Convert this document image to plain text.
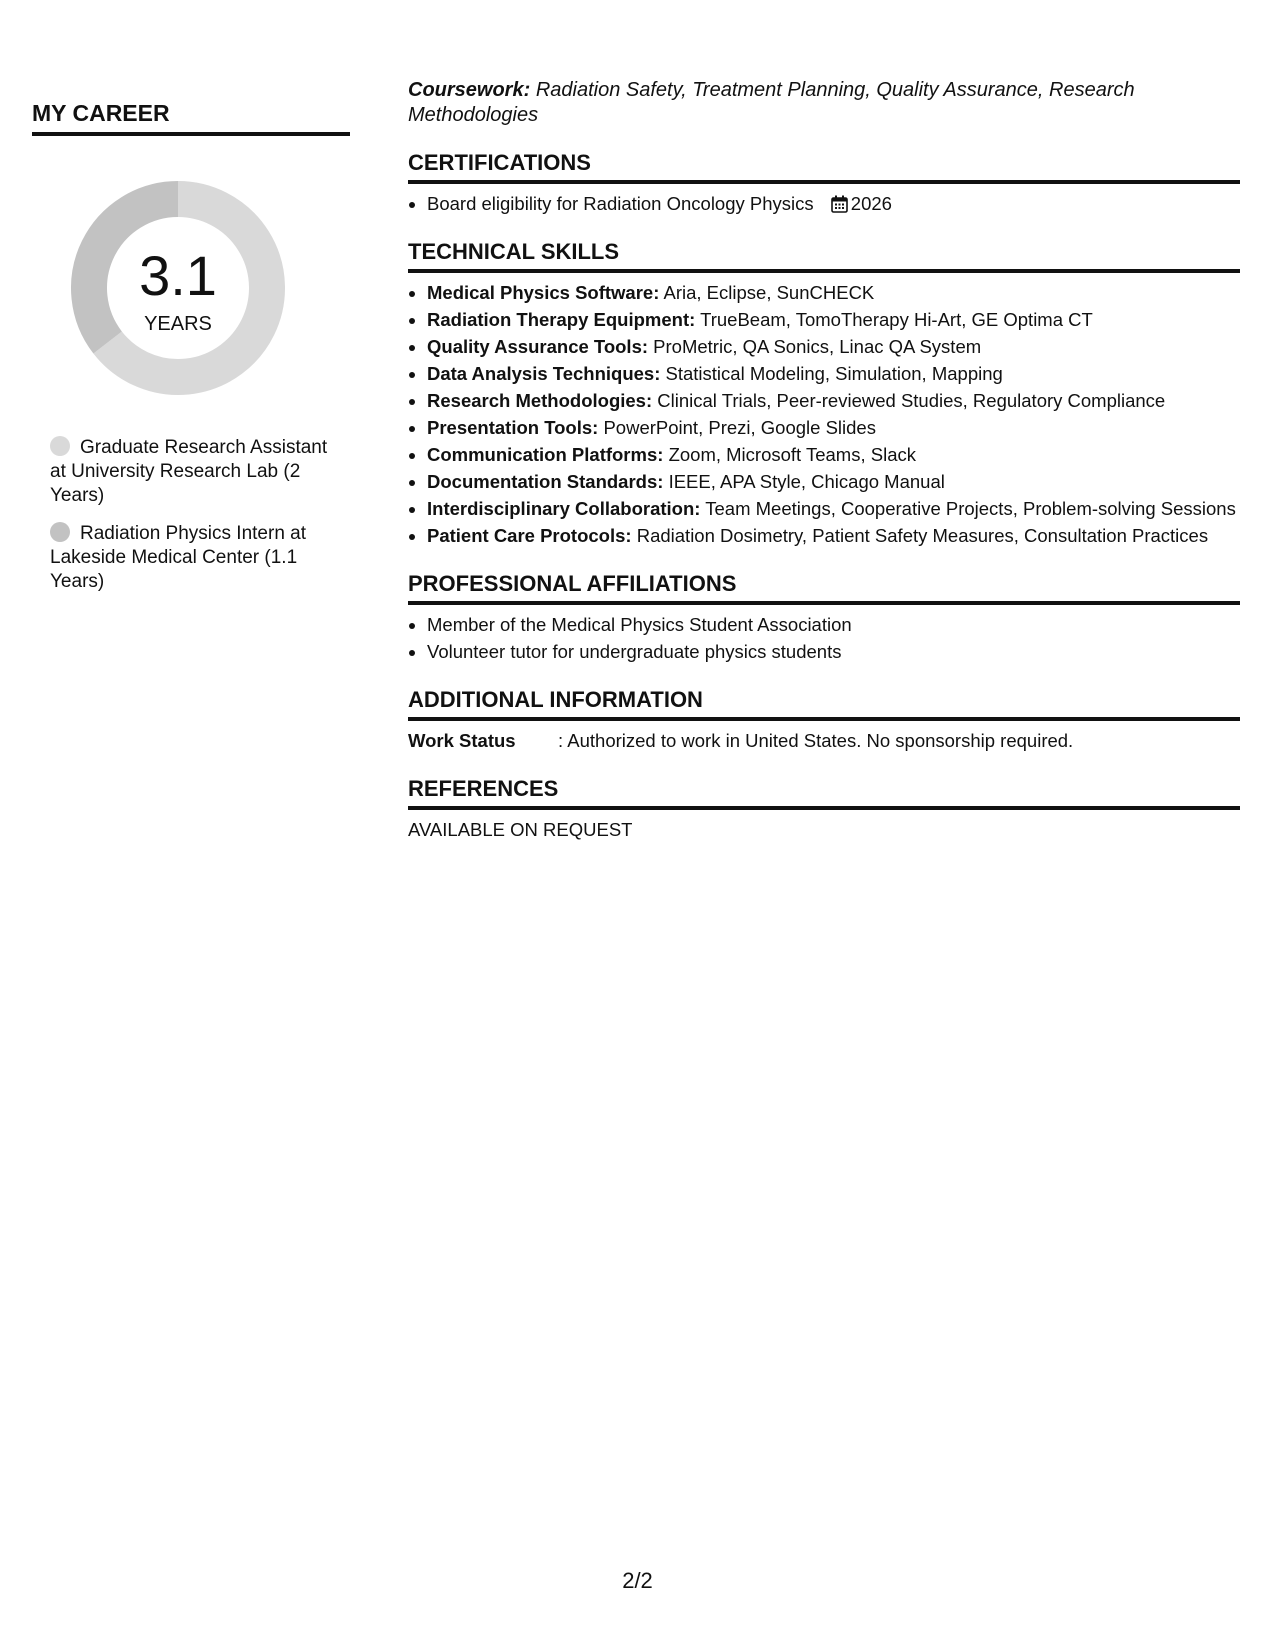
MY CAREER
3.1
YEARS
Graduate Research Assistant at University Research Lab (2 Years)
Radiation Physics Intern at Lakeside Medical Center (1.1 Years)
Coursework: Radiation Safety, Treatment Planning, Quality Assurance, Research Methodologies
CERTIFICATIONS
• Board eligibility for Radiation Oncology Physics 2026
TECHNICAL SKILLS
• Medical Physics Software: Aria, Eclipse, SunCHECK
• Radiation Therapy Equipment: TrueBeam, TomoTherapy Hi-Art, GE Optima CT
• Quality Assurance Tools: ProMetric, QA Sonics, Linac QA System
• Data Analysis Techniques: Statistical Modeling, Simulation, Mapping
• Research Methodologies: Clinical Trials, Peer-reviewed Studies, Regulatory Compliance
• Presentation Tools: PowerPoint, Prezi, Google Slides
• Communication Platforms: Zoom, Microsoft Teams, Slack
• Documentation Standards: IEEE, APA Style, Chicago Manual
• Interdisciplinary Collaboration: Team Meetings, Cooperative Projects, Problem-solving Sessions
• Patient Care Protocols: Radiation Dosimetry, Patient Safety Measures, Consultation Practices
PROFESSIONAL AFFILIATIONS
• Member of the Medical Physics Student Association
• Volunteer tutor for undergraduate physics students
ADDITIONAL INFORMATION
Work Status : Authorized to work in United States. No sponsorship required.
REFERENCES
AVAILABLE ON REQUEST
2/2
